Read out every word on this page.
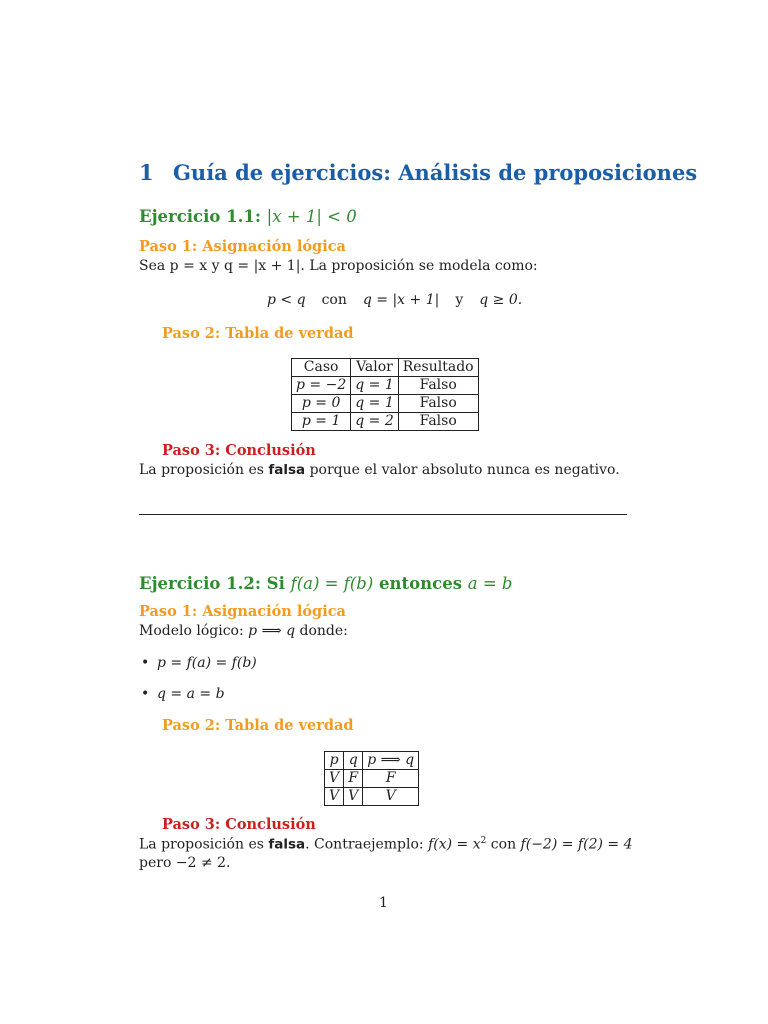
1 Guía de ejercicios: Análisis de proposiciones
Ejercicio 1.1: |x + 1| < 0
Paso 1: Asignación lógica
Sea p = x y q = |x + 1|. La proposición se modela como:
p < q con q = |x + 1| y q ≥ 0.
Paso 2: Tabla de verdad
Caso	Valor	Resultado
p = −2	q = 1	Falso
p = 0	q = 1	Falso
p = 1	q = 2	Falso
Paso 3: Conclusión
La proposición es falsa porque el valor absoluto nunca es negativo.
Ejercicio 1.2: Si f(a) = f(b) entonces a = b
Paso 1: Asignación lógica
Modelo lógico: p ⟹ q donde:
• p = f(a) = f(b)
• q = a = b
Paso 2: Tabla de verdad
p	q	p ⟹ q
V	F	F
V	V	V
Paso 3: Conclusión
La proposición es falsa. Contraejemplo: $f(x) = x^2$ con f(−2) = f(2) = 4
pero −2 ≠ 2.
1
